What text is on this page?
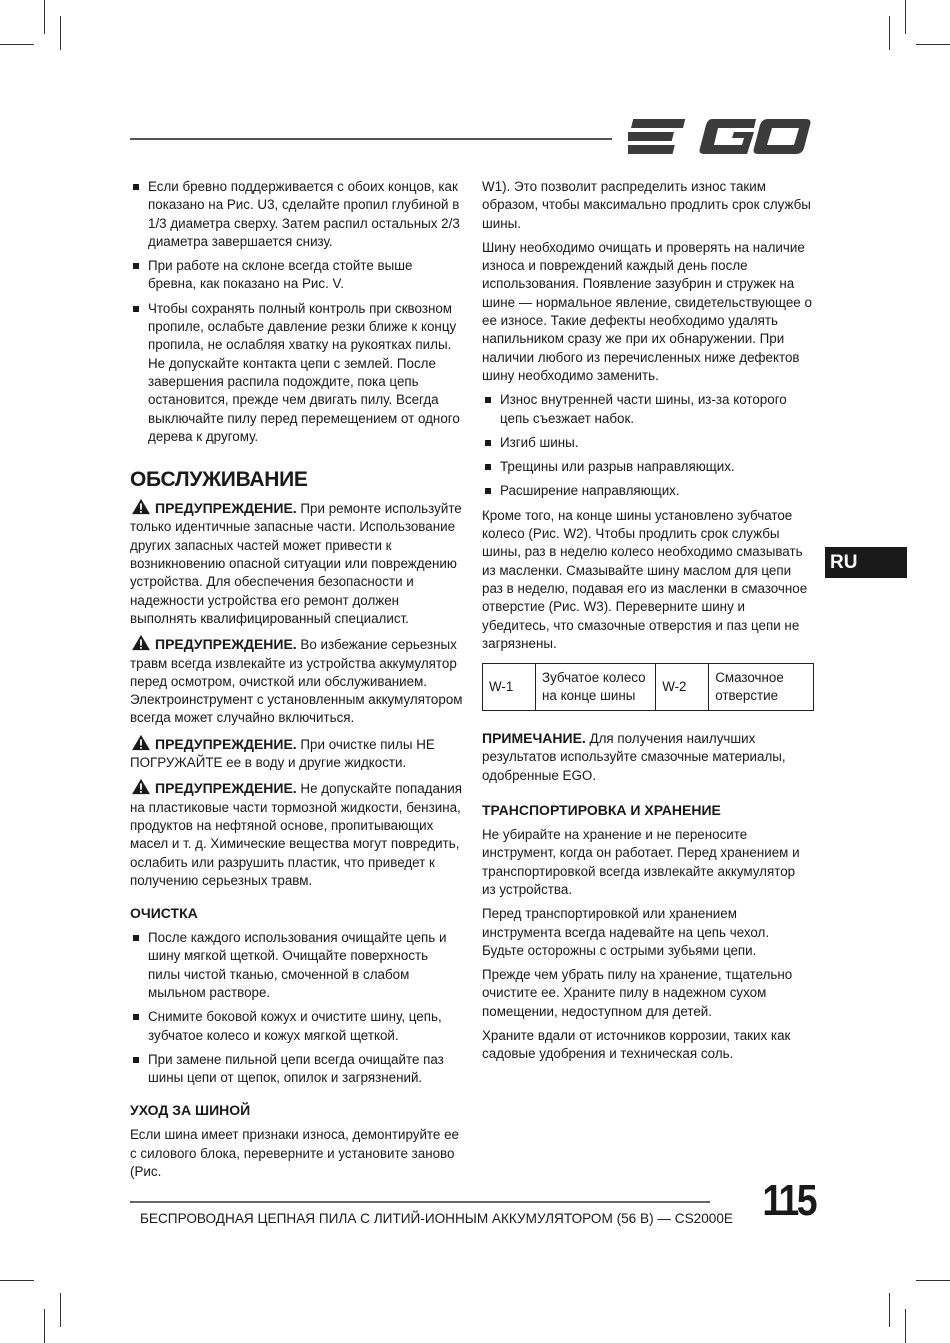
Если бревно поддерживается с обоих концов, как показано на Рис. U3, сделайте пропил глубиной в 1/3 диаметра сверху. Затем распил остальных 2/3 диаметра завершается снизу.
При работе на склоне всегда стойте выше бревна, как показано на Рис. V.
Чтобы сохранять полный контроль при сквозном пропиле, ослабьте давление резки ближе к концу пропила, не ослабляя хватку на рукоятках пилы. Не допускайте контакта цепи с землей. После завершения распила подождите, пока цепь остановится, прежде чем двигать пилу. Всегда выключайте пилу перед перемещением от одного дерева к другому.
ОБСЛУЖИВАНИЕ

ПРЕДУПРЕЖДЕНИЕ. При ремонте используйте только идентичные запасные части. Использование других запасных частей может привести к возникновению опасной ситуации или повреждению устройства. Для обеспечения безопасности и надежности устройства его ремонт должен выполнять квалифицированный специалист.

ПРЕДУПРЕЖДЕНИЕ. Во избежание серьезных травм всегда извлекайте из устройства аккумулятор перед осмотром, очисткой или обслуживанием. Электроинструмент с установленным аккумулятором всегда может случайно включиться.

ПРЕДУПРЕЖДЕНИЕ. При очистке пилы НЕ ПОГРУЖАЙТЕ ее в воду и другие жидкости.

ПРЕДУПРЕЖДЕНИЕ. Не допускайте попадания на пластиковые части тормозной жидкости, бензина, продуктов на нефтяной основе, пропитывающих масел и т. д. Химические вещества могут повредить, ослабить или разрушить пластик, что приведет к получению серьезных травм.

ОЧИСТКА
После каждого использования очищайте цепь и шину мягкой щеткой. Очищайте поверхность пилы чистой тканью, смоченной в слабом мыльном растворе.
Снимите боковой кожух и очистите шину, цепь, зубчатое колесо и кожух мягкой щеткой.
При замене пильной цепи всегда очищайте паз шины цепи от щепок, опилок и загрязнений.
УХОД ЗА ШИНОЙ

Если шина имеет признаки износа, демонтируйте ее с силового блока, переверните и установите заново (Рис.

W1). Это позволит распределить износ таким образом, чтобы максимально продлить срок службы шины.

Шину необходимо очищать и проверять на наличие износа и повреждений каждый день после использования. Появление зазубрин и стружек на шине — нормальное явление, свидетельствующее о ее износе. Такие дефекты необходимо удалять напильником сразу же при их обнаружении. При наличии любого из перечисленных ниже дефектов шину необходимо заменить.

Износ внутренней части шины, из-за которого цепь съезжает набок.
Изгиб шины.
Трещины или разрыв направляющих.
Расширение направляющих.

Кроме того, на конце шины установлено зубчатое колесо (Рис. W2). Чтобы продлить срок службы шины, раз в неделю колесо необходимо смазывать из масленки. Смазывайте шину маслом для цепи раз в неделю, подавая его из масленки в смазочное отверстие (Рис. W3). Переверните шину и убедитесь, что смазочные отверстия и паз цепи не загрязнены.

W-1	Зубчатое колесо на конце шины	W-2	Смазочное отверстие

ПРИМЕЧАНИЕ. Для получения наилучших результатов используйте смазочные материалы, одобренные EGO.

ТРАНСПОРТИРОВКА И ХРАНЕНИЕ

Не убирайте на хранение и не переносите инструмент, когда он работает. Перед хранением и транспортировкой всегда извлекайте аккумулятор из устройства.

Перед транспортировкой или хранением инструмента всегда надевайте на цепь чехол. Будьте осторожны с острыми зубьями цепи.

Прежде чем убрать пилу на хранение, тщательно очистите ее. Храните пилу в надежном сухом помещении, недоступном для детей.

Храните вдали от источников коррозии, таких как садовые удобрения и техническая соль.

RU
БЕСПРОВОДНАЯ ЦЕПНАЯ ПИЛА С ЛИТИЙ-ИОННЫМ АККУМУЛЯТОРОМ (56 В) — CS2000E 115
